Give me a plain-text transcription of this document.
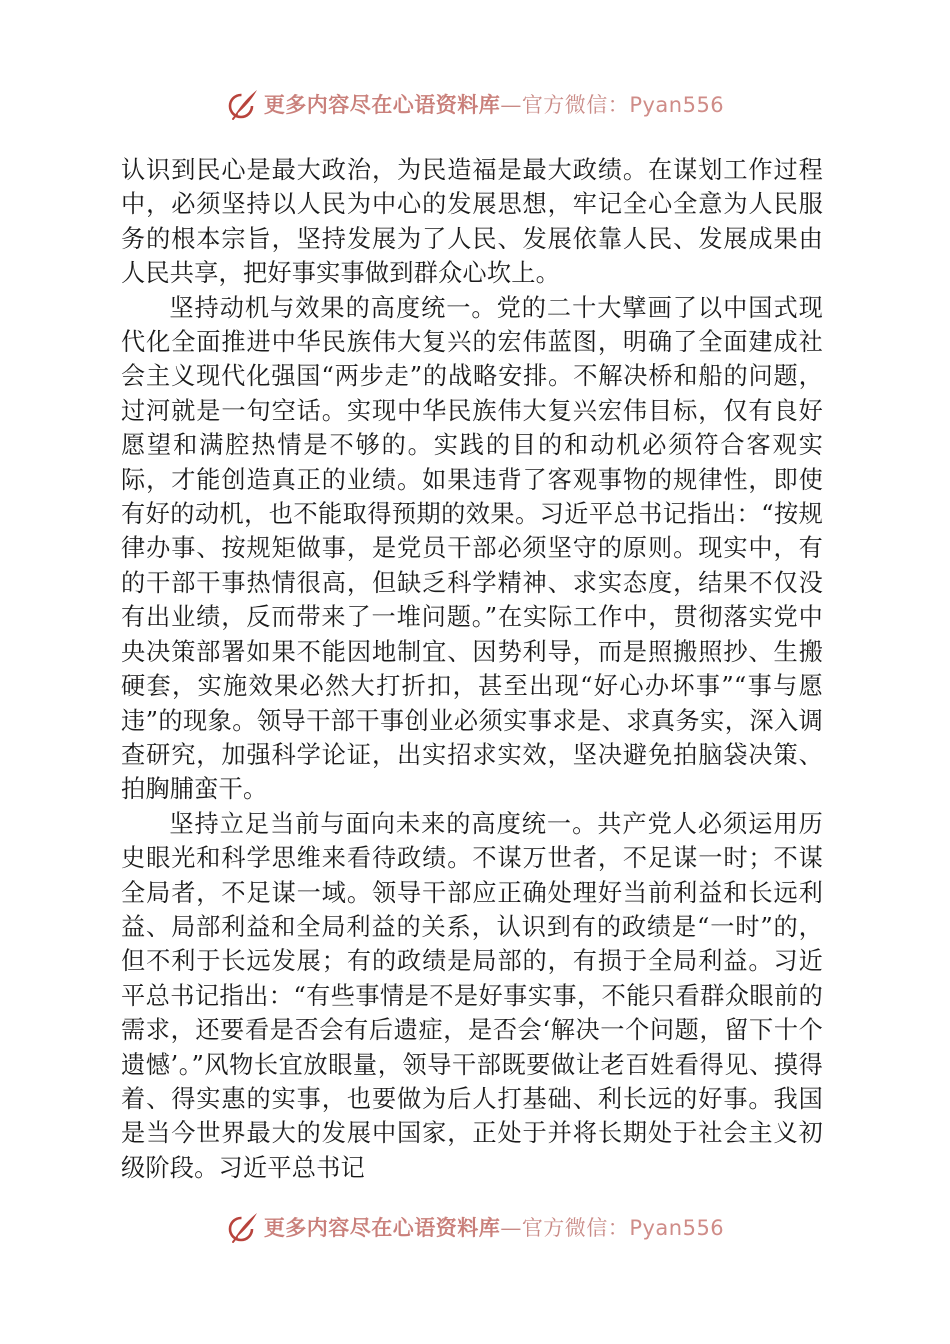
更多内容尽在心语资料库—官方微信：Pyan556

认识到民心是最大政治，为民造福是最大政绩。在谋划工作过程中，必须坚持以人民为中心的发展思想，牢记全心全意为人民服务的根本宗旨，坚持发展为了人民、发展依靠人民、发展成果由人民共享，把好事实事做到群众心坎上。

坚持动机与效果的高度统一。党的二十大擘画了以中国式现代化全面推进中华民族伟大复兴的宏伟蓝图，明确了全面建成社会主义现代化强国“两步走”的战略安排。不解决桥和船的问题，过河就是一句空话。实现中华民族伟大复兴宏伟目标，仅有良好愿望和满腔热情是不够的。实践的目的和动机必须符合客观实际，才能创造真正的业绩。如果违背了客观事物的规律性，即使有好的动机，也不能取得预期的效果。习近平总书记指出：“按规律办事、按规矩做事，是党员干部必须坚守的原则。现实中，有的干部干事热情很高，但缺乏科学精神、求实态度，结果不仅没有出业绩，反而带来了一堆问题。”在实际工作中，贯彻落实党中央决策部署如果不能因地制宜、因势利导，而是照搬照抄、生搬硬套，实施效果必然大打折扣，甚至出现“好心办坏事”“事与愿违”的现象。领导干部干事创业必须实事求是、求真务实，深入调查研究，加强科学论证，出实招求实效，坚决避免拍脑袋决策、拍胸脯蛮干。

坚持立足当前与面向未来的高度统一。共产党人必须运用历史眼光和科学思维来看待政绩。不谋万世者，不足谋一时；不谋全局者，不足谋一域。领导干部应正确处理好当前利益和长远利益、局部利益和全局利益的关系，认识到有的政绩是“一时”的，但不利于长远发展；有的政绩是局部的，有损于全局利益。习近平总书记指出：“有些事情是不是好事实事，不能只看群众眼前的需求，还要看是否会有后遗症，是否会‘解决一个问题，留下十个遗憾’。”风物长宜放眼量，领导干部既要做让老百姓看得见、摸得着、得实惠的实事，也要做为后人打基础、利长远的好事。我国是当今世界最大的发展中国家，正处于并将长期处于社会主义初级阶段。习近平总书记

更多内容尽在心语资料库—官方微信：Pyan556
